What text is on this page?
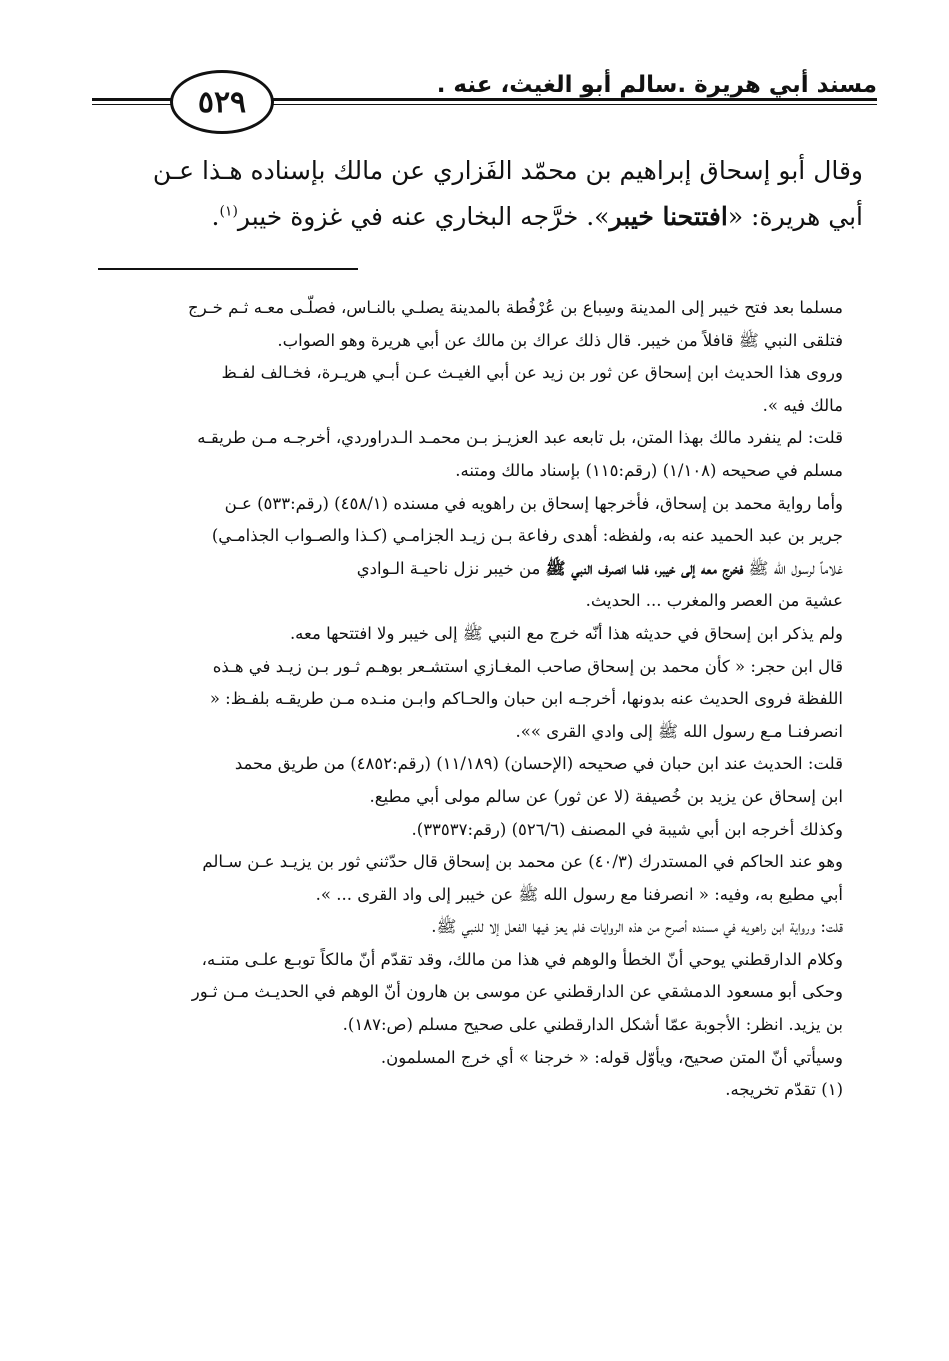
مسند أبي هريرة .سالم أبو الغيث، عنه .
٥٢٩

وقال أبو إسحاق إبراهيم بن محمّد الفَزاري عن مالك بإسناده هـذا عـن

أبي هريرة: «افتتحنا خيبر». خرَّجه البخاري عنه في غزوة خيبر$^{(١)}$.

مسلما بعد فتح خيبر إلى المدينة وسِباع بن عُرْفُطة بالمدينة يصلـي بالنـاس، فصلّـى معـه ثـم خـرج

فتلقى النبي ﷺ قافلاً من خيبر. قال ذلك عراك بن مالك عن أبي هريرة وهو الصواب.

وروى هذا الحديث ابن إسحاق عن ثور بن زيد عن أبي الغيـث عـن أبـي هريـرة، فخـالف لفـظ

مالك فيه ».

قلت: لم ينفرد مالك بهذا المتن، بل تابعه عبد العزيـز بـن محمـد الـدراوردي، أخرجـه مـن طريقـه

مسلم في صحيحه (١/١٠٨) (رقم:١١٥) بإسناد مالك ومتنه.

وأما رواية محمد بن إسحاق، فأخرجها إسحاق بن راهويه في مسنده (٤٥٨/١) (رقم:٥٣٣) عـن

جرير بن عبد الحميد عنه به، ولفظه: أهدى رفاعة بـن زيـد الجزامـي (كـذا والصـواب الجذامـي)

غلاماً لرسول الله ﷺ فخرج معه إلى خيبر، فلما انصرف النبي ﷺ من خيبر نزل ناحيـة الـوادي

عشية من العصر والمغرب ... الحديث.

ولم يذكر ابن إسحاق في حديثه هذا أنّه خرج مع النبي ﷺ إلى خيبر ولا افتتحها معه.

قال ابن حجر: « كأن محمد بن إسحاق صاحب المغـازي استشـعر بوهـم ثـور بـن زيـد في هـذه

اللفظة فروى الحديث عنه بدونها، أخرجـه ابن حبان والحـاكم وابـن منـده مـن طريقـه بلفـظ: «

انصرفنـا مـع رسول الله ﷺ إلى وادي القرى »».

قلت: الحديث عند ابن حبان في صحيحه (الإحسان) (١١/١٨٩) (رقم:٤٨٥٢) من طريق محمد

ابن إسحاق عن يزيد بن خُصيفة (لا عن ثور) عن سالم مولى أبي مطيع.

وكذلك أخرجه ابن أبي شيبة في المصنف (٥٢٦/٦) (رقم:٣٣٥٣٧).

وهو عند الحاكم في المستدرك (٤٠/٣) عن محمد بن إسحاق قال حدّثني ثور بن يزيـد عـن سـالم

أبي مطيع به، وفيه: « انصرفنا مع رسول الله ﷺ عن خيبر إلى واد القرى ... ».

قلت: ورواية ابن راهويه في مسنده أصرح من هذه الروايات فلم يعز فيها الفعل إلا للنبي ﷺ.

وكلام الدارقطني يوحي أنّ الخطأ والوهم في هذا من مالك، وقد تقدّم أنّ مالكاً توبـع علـى متنـه،

وحكى أبو مسعود الدمشقي عن الدارقطني عن موسى بن هارون أنّ الوهم في الحديـث مـن ثـور

بن يزيد. انظر: الأجوبة عمّا أشكل الدارقطني على صحيح مسلم (ص:١٨٧).

وسيأتي أنّ المتن صحيح، ويأوّل قوله: « خرجنا » أي خرج المسلمون.

(١) تقدّم تخريجه.
